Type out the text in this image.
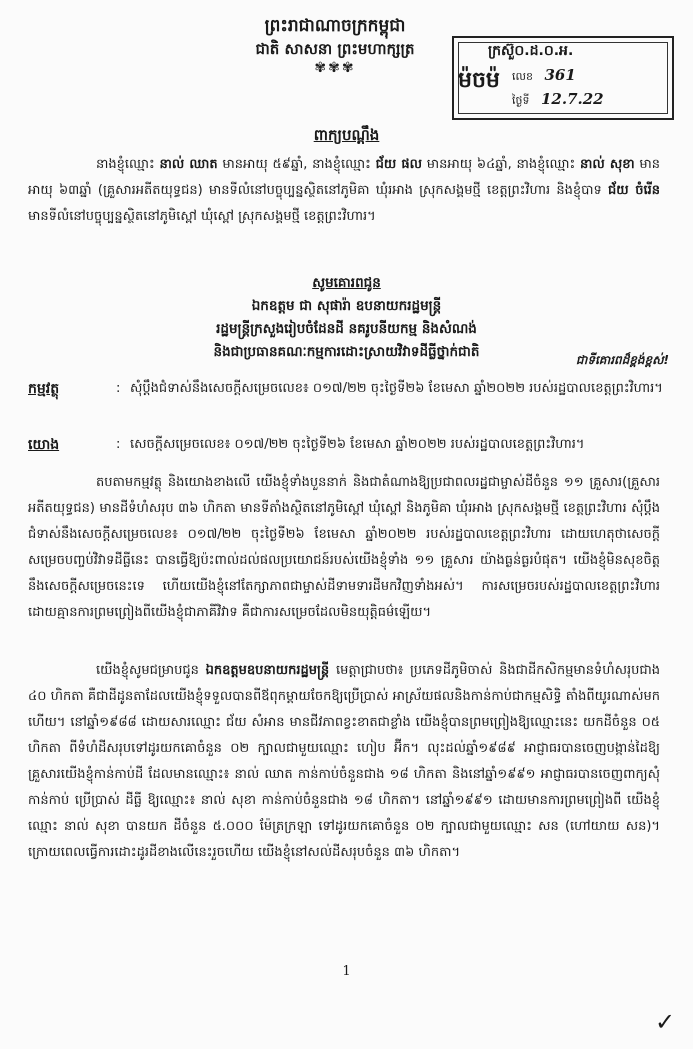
ព្រះរាជាណាចក្រកម្ពុជា
ជាតិ សាសនា ព្រះមហាក្សត្រ
✾✾✾	ម៉ចម៉
ក្រស៊ួ០.ដ.០.អ.
លេខ 361
ថ្ងៃទី 12.7.22
ពាក្យបណ្តឹង

នាងខ្ញុំឈ្មោះ នាល់ ឈាត មានអាយុ ៥៩ឆ្នាំ, នាងខ្ញុំឈ្មោះ ជ័យ ផល មានអាយុ ៦៤ឆ្នាំ, នាងខ្ញុំឈ្មោះ នាល់ សុខា មានអាយុ ៦៣ឆ្នាំ (គ្រួសារអតីតយុទ្ធជន) មានទីលំនៅបច្ចុប្បន្នស្ថិតនៅភូមិគា ឃុំរអាង ស្រុកសង្គមថ្មី ខេត្តព្រះវិហារ និងខ្ញុំបាទ ជ័យ ចំរើន មានទីលំនៅបច្ចុប្បន្នស្ថិតនៅភូមិស្ពៅ ឃុំស្ពៅ ស្រុកសង្គមថ្មី ខេត្តព្រះវិហារ។

សូមគោរពជូន
ឯកឧត្តម ជា សុផារ៉ា ឧបនាយករដ្ឋមន្ត្រី
រដ្ឋមន្ត្រីក្រសួងរៀបចំដែនដី នគរូបនីយកម្ម និងសំណង់
និងជាប្រធានគណៈកម្មការដោះស្រាយវិវាទដីធ្លីថ្នាក់ជាតិ	ជាទីគោរពដ៏ខ្ពង់ខ្ពស់!
កម្មវត្ថុ	: សុំប្តឹងជំទាស់នឹងសេចក្តីសម្រេចលេខ៖ ០១៧/២២ ចុះថ្ងៃទី២៦ ខែមេសា ឆ្នាំ២០២២ របស់រដ្ឋបាលខេត្តព្រះវិហារ។
យោង	: សេចក្តីសម្រេចលេខ៖ ០១៧/២២ ចុះថ្ងៃទី២៦ ខែមេសា ឆ្នាំ២០២២ របស់រដ្ឋបាលខេត្តព្រះវិហារ។

តបតាមកម្មវត្ថុ និងយោងខាងលើ យើងខ្ញុំទាំងបួននាក់ និងជាតំណាងឱ្យប្រជាពលរដ្ឋជាម្ចាស់ដីចំនួន ១១ គ្រួសារ(គ្រួសារអតីតយុទ្ធជន) មានដីទំហំសរុប ៣៦ ហិកតា មានទីតាំងស្ថិតនៅភូមិស្ពៅ ឃុំស្ពៅ និងភូមិគា ឃុំរអាង ស្រុកសង្គមថ្មី ខេត្តព្រះវិហារ សុំប្តឹងជំទាស់នឹងសេចក្តីសម្រេចលេខ៖ ០១៧/២២ ចុះថ្ងៃទី២៦ ខែមេសា ឆ្នាំ២០២២ របស់រដ្ឋបាលខេត្តព្រះវិហារ ដោយហេតុថាសេចក្តីសម្រេចបញ្ចប់វិវាទដីធ្លីនេះ បានធ្វើឱ្យប៉ះពាល់ដល់ផលប្រយោជន៍របស់យើងខ្ញុំទាំង ១១ គ្រួសារ យ៉ាងធ្ងន់ធ្ងរបំផុត។ យើងខ្ញុំមិនសុខចិត្តនឹងសេចក្តីសម្រេចនេះទេ ហើយយើងខ្ញុំនៅតែក្សាភាពជាម្ចាស់ដីទាមទារដីមកវិញទាំងអស់។ ការសម្រេចរបស់រដ្ឋបាលខេត្តព្រះវិហារ ដោយគ្មានការព្រមព្រៀងពីយើងខ្ញុំជាភាគីវិវាទ គឺជាការសម្រេចដែលមិនយុត្តិធម៌ឡើយ។

យើងខ្ញុំសូមជម្រាបជូន ឯកឧត្តមឧបនាយករដ្ឋមន្ត្រី មេត្តាជ្រាបថា៖ ប្រភេទដីភូមិចាស់ និងជាដីកសិកម្មមានទំហំសរុបជាង ៤០ ហិកតា គឺជាដីដូនតាដែលយើងខ្ញុំទទួលបានពីឪពុកម្តាយចែកឱ្យប្រើប្រាស់ អាស្រ័យផលនិងកាន់កាប់ជាកម្មសិទ្ធិ តាំងពីយូរណាស់មកហើយ។ នៅឆ្នាំ១៩៨៨ ដោយសារឈ្មោះ ជ័យ សំអាន មានជីវភាពខ្វះខាតជាខ្លាំង យើងខ្ញុំបានព្រមព្រៀងឱ្យឈ្មោះនេះ យកដីចំនួន ០៥ ហិកតា ពីទំហំដីសរុបទៅដូរយកគោចំនួន ០២ ក្បាលជាមួយឈ្មោះ ហៀប អ៊ីក។ លុះដល់ឆ្នាំ១៩៨៩ អាជ្ញាធរបានចេញបង្កាន់ដៃឱ្យគ្រួសារយើងខ្ញុំកាន់កាប់ដី ដែលមានឈ្មោះ៖ នាល់ ឈាត កាន់កាប់ចំនួនជាង ១៨ ហិកតា និងនៅឆ្នាំ១៩៩១ អាជ្ញាធរបានចេញពាក្យសុំកាន់កាប់ ប្រើប្រាស់ ដីធ្លី ឱ្យឈ្មោះ៖ នាល់ សុខា កាន់កាប់ចំនួនជាង ១៨ ហិកតា។ នៅឆ្នាំ១៩៩១ ដោយមានការព្រមព្រៀងពី យើងខ្ញុំ ឈ្មោះ នាល់ សុខា បានយក ដីចំនួន ៥.០០០ ម៉ែត្រក្រឡា ទៅដូរយកគោចំនួន ០២ ក្បាលជាមួយឈ្មោះ សន (ហៅយាយ សន)។ ក្រោយពេលធ្វើការដោះដូរដីខាងលើនេះរួចហើយ យើងខ្ញុំនៅសល់ដីសរុបចំនួន ៣៦ ហិកតា។

1
✓
